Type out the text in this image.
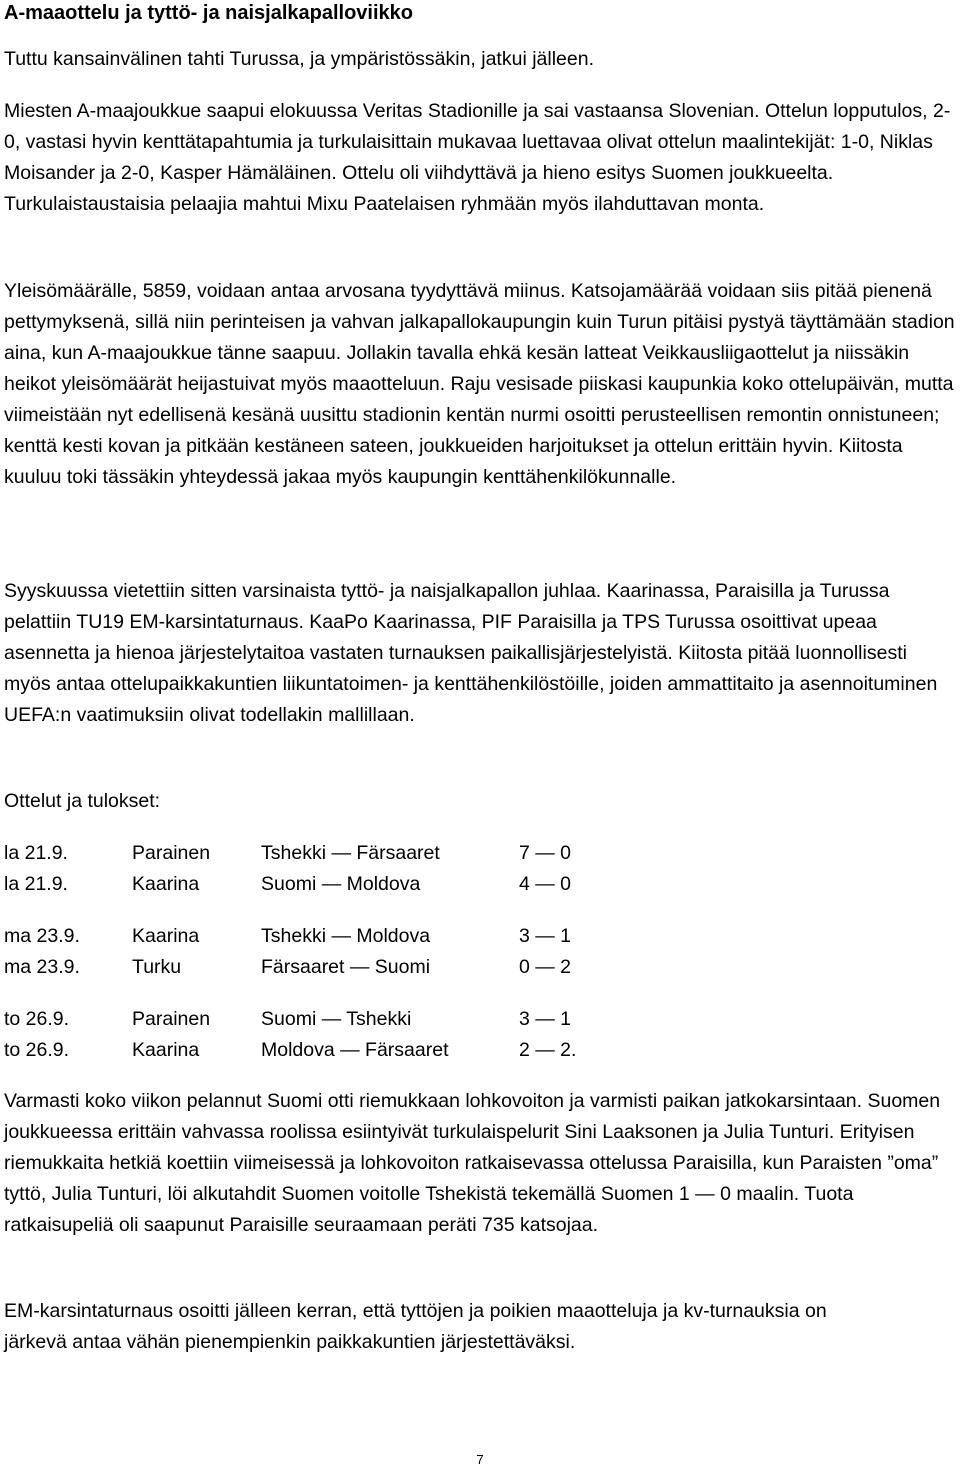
A-maaottelu ja tyttö- ja naisjalkapalloviikko

Tuttu kansainvälinen tahti Turussa, ja ympäristössäkin, jatkui jälleen.

Miesten A-maajoukkue saapui elokuussa Veritas Stadionille ja sai vastaansa Slovenian. Ottelun lopputulos, 2-0, vastasi hyvin kenttätapahtumia ja turkulaisittain mukavaa luettavaa olivat ottelun maalintekijät: 1-0, Niklas Moisander ja 2-0, Kasper Hämäläinen. Ottelu oli viihdyttävä ja hieno esitys Suomen joukkueelta. Turkulaistaustaisia pelaajia mahtui Mixu Paatelaisen ryhmään myös ilahduttavan monta.

Yleisömäärälle, 5859, voidaan antaa arvosana tyydyttävä miinus. Katsojamäärää voidaan siis pitää pienenä pettymyksenä, sillä niin perinteisen ja vahvan jalkapallokaupungin kuin Turun pitäisi pystyä täyttämään stadion aina, kun A-maajoukkue tänne saapuu. Jollakin tavalla ehkä kesän latteat Veikkausliigaottelut ja niissäkin heikot yleisömäärät heijastuivat myös maaotteluun. Raju vesisade piiskasi kaupunkia koko ottelupäivän, mutta viimeistään nyt edellisenä kesänä uusittu stadionin kentän nurmi osoitti perusteellisen remontin onnistuneen; kenttä kesti kovan ja pitkään kestäneen sateen, joukkueiden harjoitukset ja ottelun erittäin hyvin. Kiitosta kuuluu toki tässäkin yhteydessä jakaa myös kaupungin kenttähenkilökunnalle.

Syyskuussa vietettiin sitten varsinaista tyttö- ja naisjalkapallon juhlaa. Kaarinassa, Paraisilla ja Turussa pelattiin TU19 EM-karsintaturnaus. KaaPo Kaarinassa, PIF Paraisilla ja TPS Turussa osoittivat upeaa asennetta ja hienoa järjestelytaitoa vastaten turnauksen paikallisjärjestelyistä. Kiitosta pitää luonnollisesti myös antaa ottelupaikkakuntien liikuntatoimen- ja kenttähenkilöstöille, joiden ammattitaito ja asennoituminen UEFA:n vaatimuksiin olivat todellakin mallillaan.

Ottelut ja tulokset:

Varmasti koko viikon pelannut Suomi otti riemukkaan lohkovoiton ja varmisti paikan jatkokarsintaan. Suomen joukkueessa erittäin vahvassa roolissa esiintyivät turkulaispelurit Sini Laaksonen ja Julia Tunturi. Erityisen riemukkaita hetkiä koettiin viimeisessä ja lohkovoiton ratkaisevassa ottelussa Paraisilla, kun Paraisten ”oma” tyttö, Julia Tunturi, löi alkutahdit Suomen voitolle Tshekistä tekemällä Suomen 1 — 0 maalin. Tuota ratkaisupeliä oli saapunut Paraisille seuraamaan peräti 735 katsojaa.

EM-karsintaturnaus osoitti jälleen kerran, että tyttöjen ja poikien maaotteluja ja kv-turnauksia on järkevä antaa vähän pienempienkin paikkakuntien järjestettäväksi.

la 21.9.	Parainen	Tshekki — Färsaaret	7 — 0
la 21.9.	Kaarina	Suomi — Moldova	4 — 0
ma 23.9.	Kaarina	Tshekki — Moldova	3 — 1
ma 23.9.	Turku	Färsaaret — Suomi	0 — 2
to 26.9.	Parainen	Suomi — Tshekki	3 — 1
to 26.9.	Kaarina	Moldova — Färsaaret	2 — 2.
7
